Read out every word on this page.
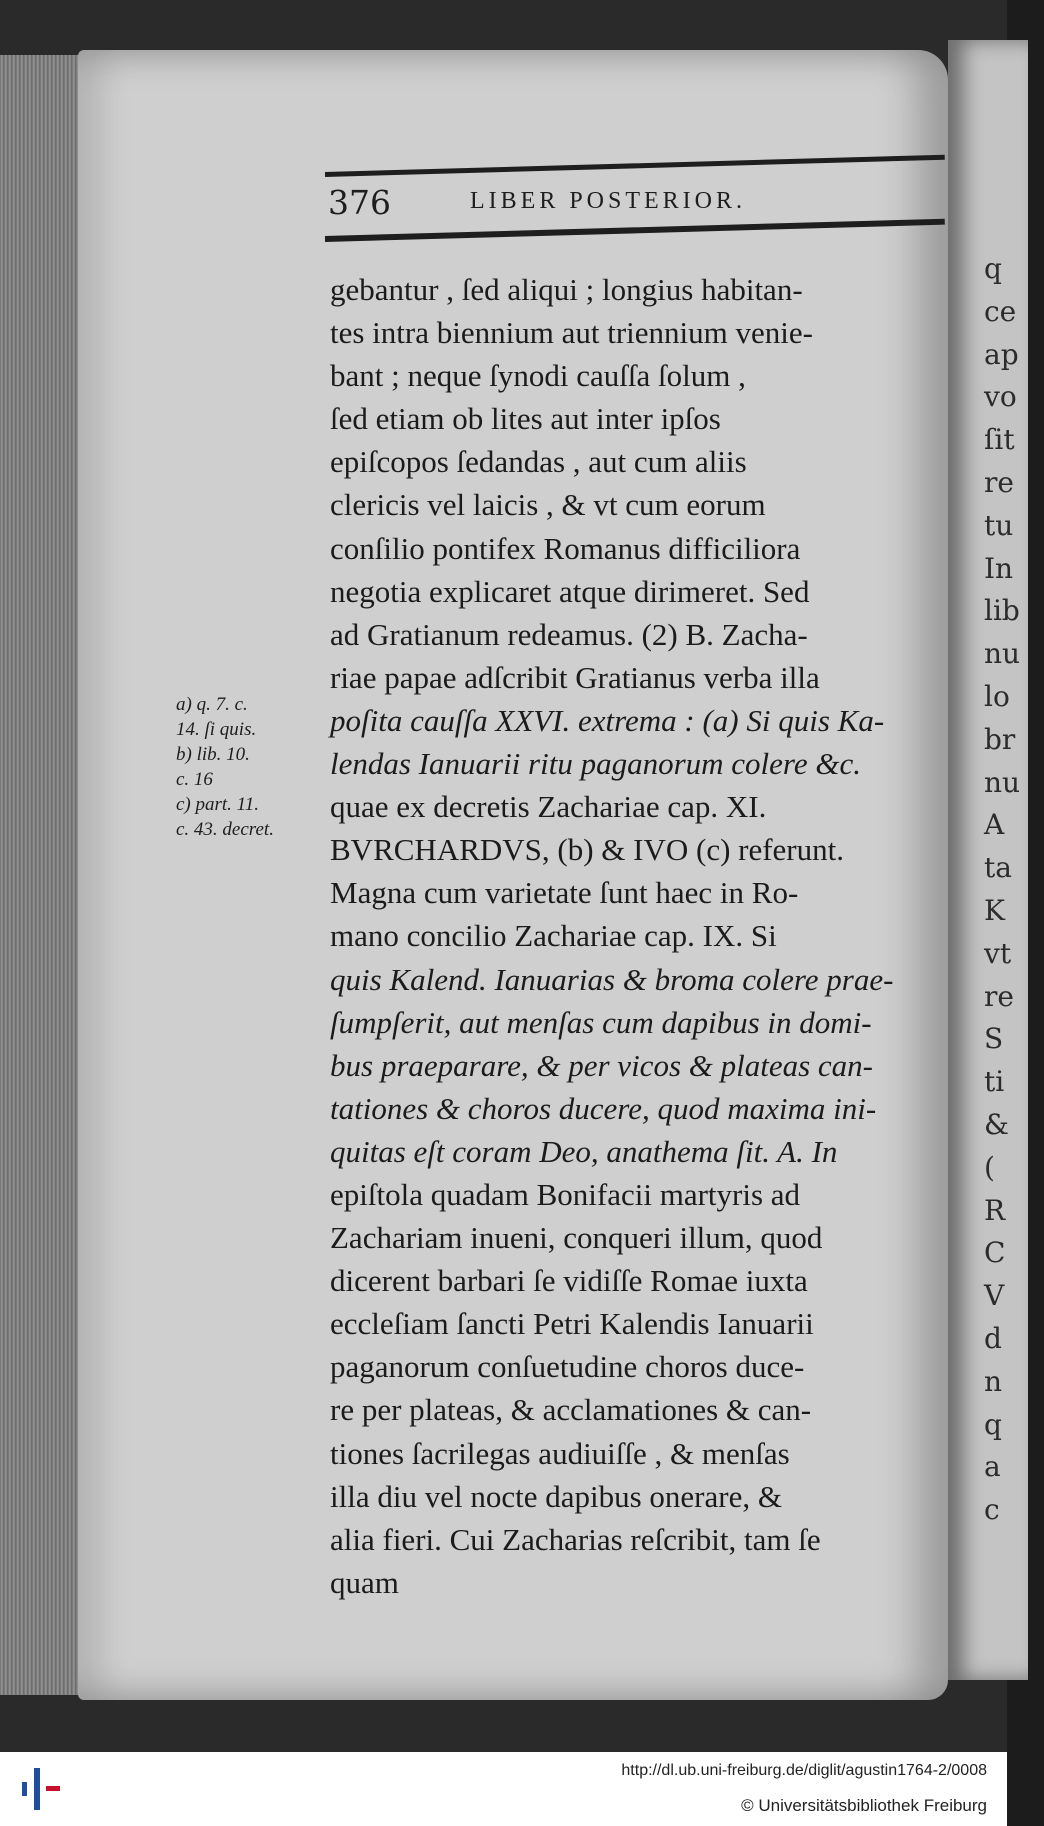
q
ce
ap
vo
ſit
re
tu
In
lib
nu
lo
br
nu
A
ta
K
vt
re
S
ti
&
(
R
C
V
d
n
q
a
c
376	LIBER POSTERIOR.
a) q. 7. c.
14. ſi quis.
b) lib. 10.
c. 16
c) part. 11.
c. 43. decret.
gebantur , ſed aliqui ; longius habitan-
tes intra biennium aut triennium venie-
bant ; neque ſynodi cauſſa ſolum ,
ſed etiam ob lites aut inter ipſos
epiſcopos ſedandas , aut cum aliis
clericis vel laicis , & vt cum eorum
conſilio pontifex Romanus difficiliora
negotia explicaret atque dirimeret. Sed
ad Gratianum redeamus. (2) B. Zacha-
riae papae adſcribit Gratianus verba illa
poſita cauſſa XXVI. extrema : (a) Si quis Ka-
lendas Ianuarii ritu paganorum colere &c.
quae ex decretis Zachariae cap. XI.
BVRCHARDVS, (b) & IVO (c) referunt.
Magna cum varietate ſunt haec in Ro-
mano concilio Zachariae cap. IX. Si
quis Kalend. Ianuarias & broma colere prae-
ſumpſerit, aut menſas cum dapibus in domi-
bus praeparare, & per vicos & plateas can-
tationes & choros ducere, quod maxima ini-
quitas eſt coram Deo, anathema ſit. A. In
epiſtola quadam Bonifacii martyris ad
Zachariam inueni, conqueri illum, quod
dicerent barbari ſe vidiſſe Romae iuxta
eccleſiam ſancti Petri Kalendis Ianuarii
paganorum conſuetudine choros duce-
re per plateas, & acclamationes & can-
tiones ſacrilegas audiuiſſe , & menſas
illa diu vel nocte dapibus onerare, &
alia fieri. Cui Zacharias reſcribit, tam ſe
quam
http://dl.ub.uni-freiburg.de/diglit/agustin1764-2/0008
© Universitätsbibliothek Freiburg
